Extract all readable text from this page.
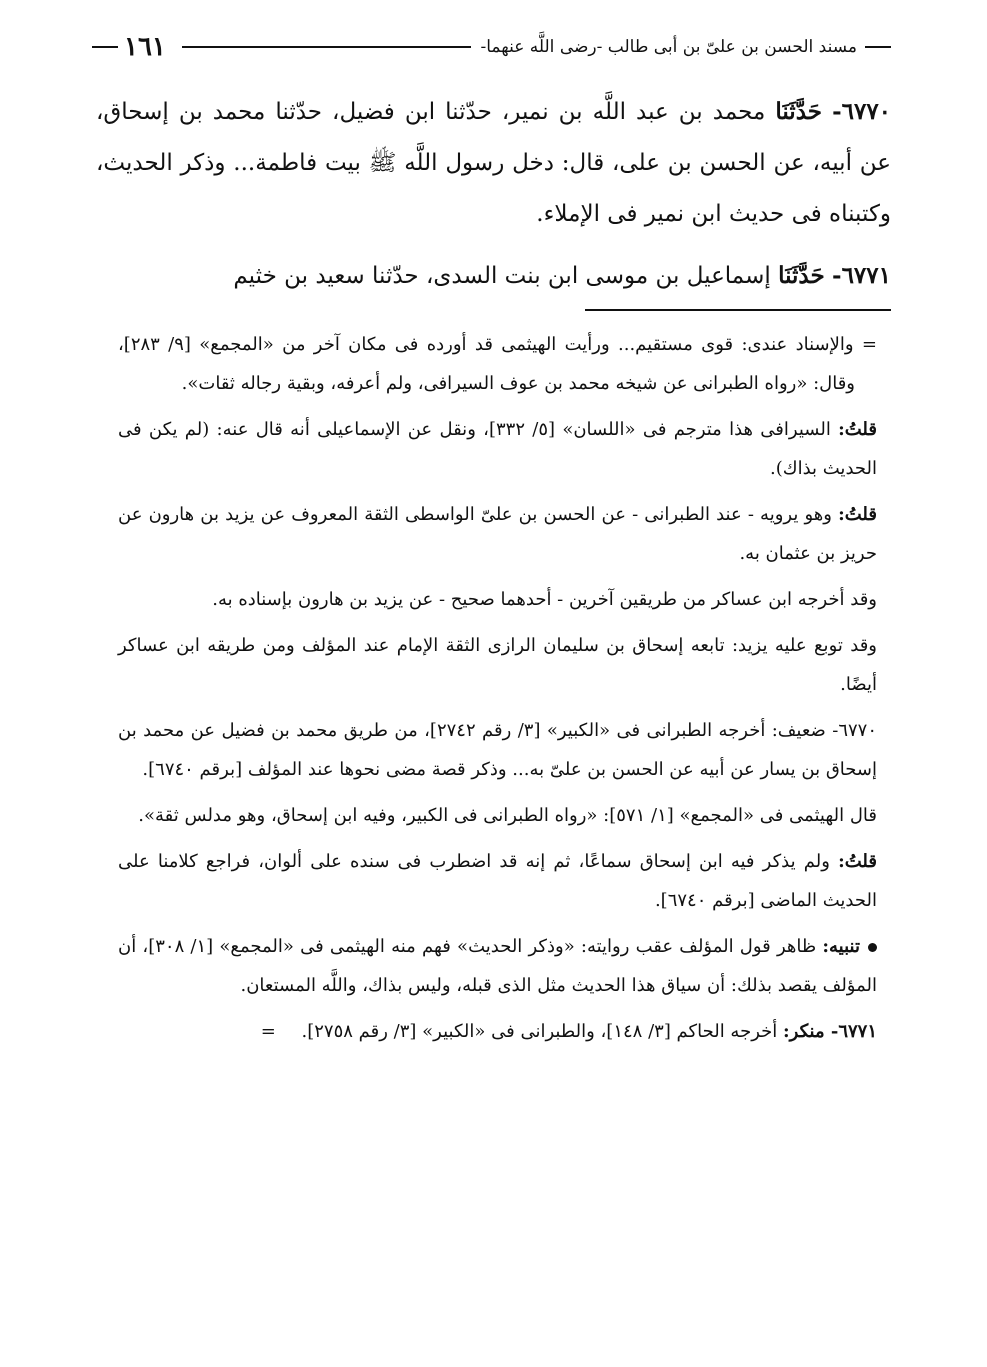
مسند الحسن بن علىّ بن أبى طالب -رضى اللَّه عنهما-
١٦١

٦٧٧٠- حَدَّثَنَا محمد بن عبد اللَّه بن نمير، حدّثنا ابن فضيل، حدّثنا محمد بن إسحاق، عن أبيه، عن الحسن بن على، قال: دخل رسول اللَّه ﷺ بيت فاطمة... وذكر الحديث، وكتبناه فى حديث ابن نمير فى الإملاء.

٦٧٧١- حَدَّثَنَا إسماعيل بن موسى ابن بنت السدى، حدّثنا سعيد بن خثيم

= والإسناد عندى: قوى مستقيم... ورأيت الهيثمى قد أورده فى مكان آخر من «المجمع» [٩/ ٢٨٣]، وقال: «رواه الطبرانى عن شيخه محمد بن عوف السيرافى، ولم أعرفه، وبقية رجاله ثقات».

قلتُ: السيرافى هذا مترجم فى «اللسان» [٥/ ٣٣٢]، ونقل عن الإسماعيلى أنه قال عنه: (لم يكن فى الحديث بذاك).

قلتُ: وهو يرويه - عند الطبرانى - عن الحسن بن علىّ الواسطى الثقة المعروف عن يزيد بن هارون عن حريز بن عثمان به.

وقد أخرجه ابن عساكر من طريقين آخرين - أحدهما صحيح - عن يزيد بن هارون بإسناده به.

وقد توبع عليه يزيد: تابعه إسحاق بن سليمان الرازى الثقة الإمام عند المؤلف ومن طريقه ابن عساكر أيضًا.

٦٧٧٠- ضعيف: أخرجه الطبرانى فى «الكبير» [٣/ رقم ٢٧٤٢]، من طريق محمد بن فضيل عن محمد بن إسحاق بن يسار عن أبيه عن الحسن بن علىّ به... وذكر قصة مضى نحوها عند المؤلف [برقم ٦٧٤٠].

قال الهيثمى فى «المجمع» [١/ ٥٧١]: «رواه الطبرانى فى الكبير، وفيه ابن إسحاق، وهو مدلس ثقة».

قلتُ: ولم يذكر فيه ابن إسحاق سماعًا، ثم إنه قد اضطرب فى سنده على ألوان، فراجع كلامنا على الحديث الماضى [برقم ٦٧٤٠].

تنبيه: ظاهر قول المؤلف عقب روايته: «وذكر الحديث» فهم منه الهيثمى فى «المجمع» [١/ ٣٠٨]، أن المؤلف يقصد بذلك: أن سياق هذا الحديث مثل الذى قبله، وليس بذاك، واللَّه المستعان.

٦٧٧١- منكر: أخرجه الحاكم [٣/ ١٤٨]، والطبرانى فى «الكبير» [٣/ رقم ٢٧٥٨]. =
